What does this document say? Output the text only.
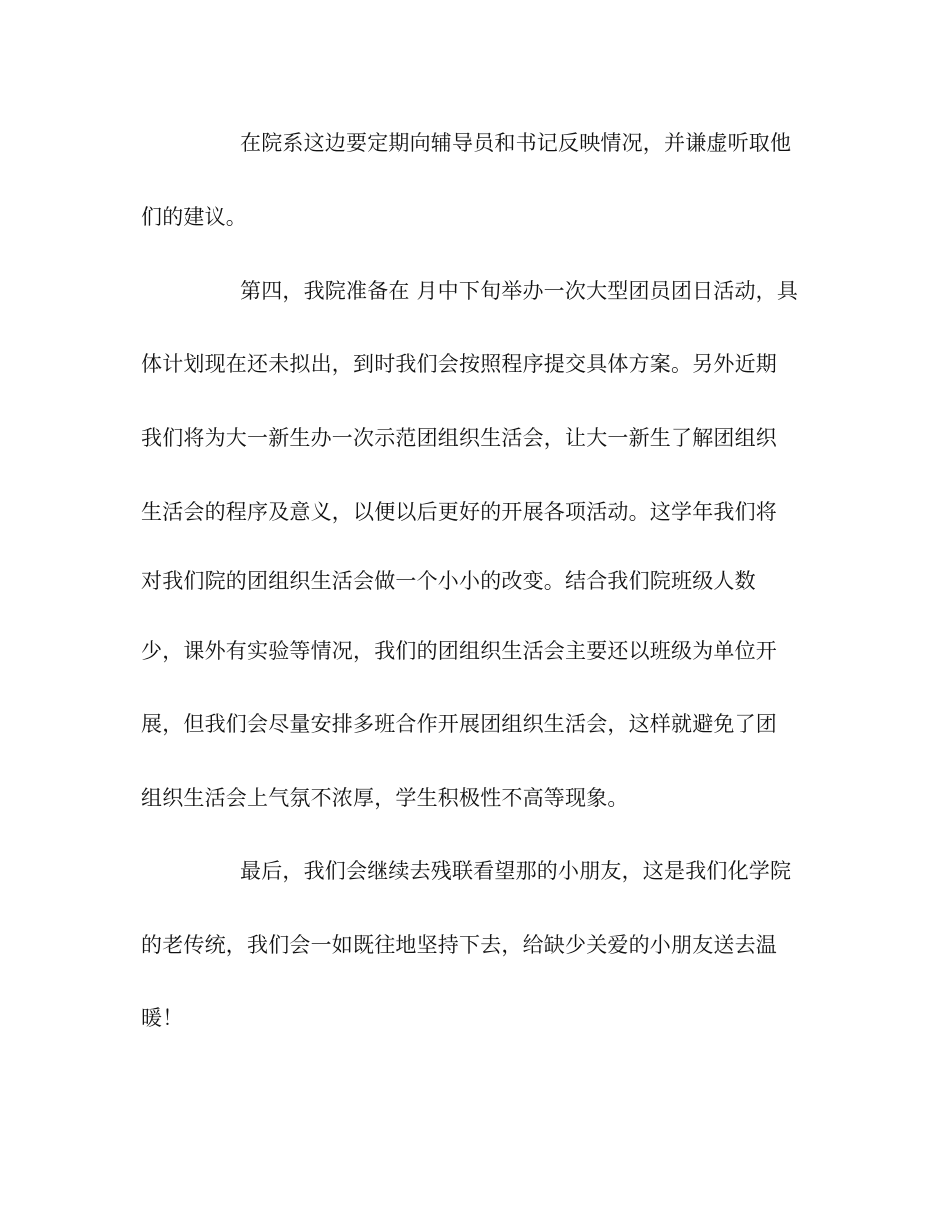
在院系这边要定期向辅导员和书记反映情况，并谦虚听取他
们的建议。
第四，我院准备在 月中下旬举办一次大型团员团日活动，具
体计划现在还未拟出，到时我们会按照程序提交具体方案。另外近期
我们将为大一新生办一次示范团组织生活会，让大一新生了解团组织
生活会的程序及意义，以便以后更好的开展各项活动。这学年我们将
对我们院的团组织生活会做一个小小的改变。结合我们院班级人数
少，课外有实验等情况，我们的团组织生活会主要还以班级为单位开
展，但我们会尽量安排多班合作开展团组织生活会，这样就避免了团
组织生活会上气氛不浓厚，学生积极性不高等现象。
最后，我们会继续去残联看望那的小朋友，这是我们化学院
的老传统，我们会一如既往地坚持下去，给缺少关爱的小朋友送去温
暖！
